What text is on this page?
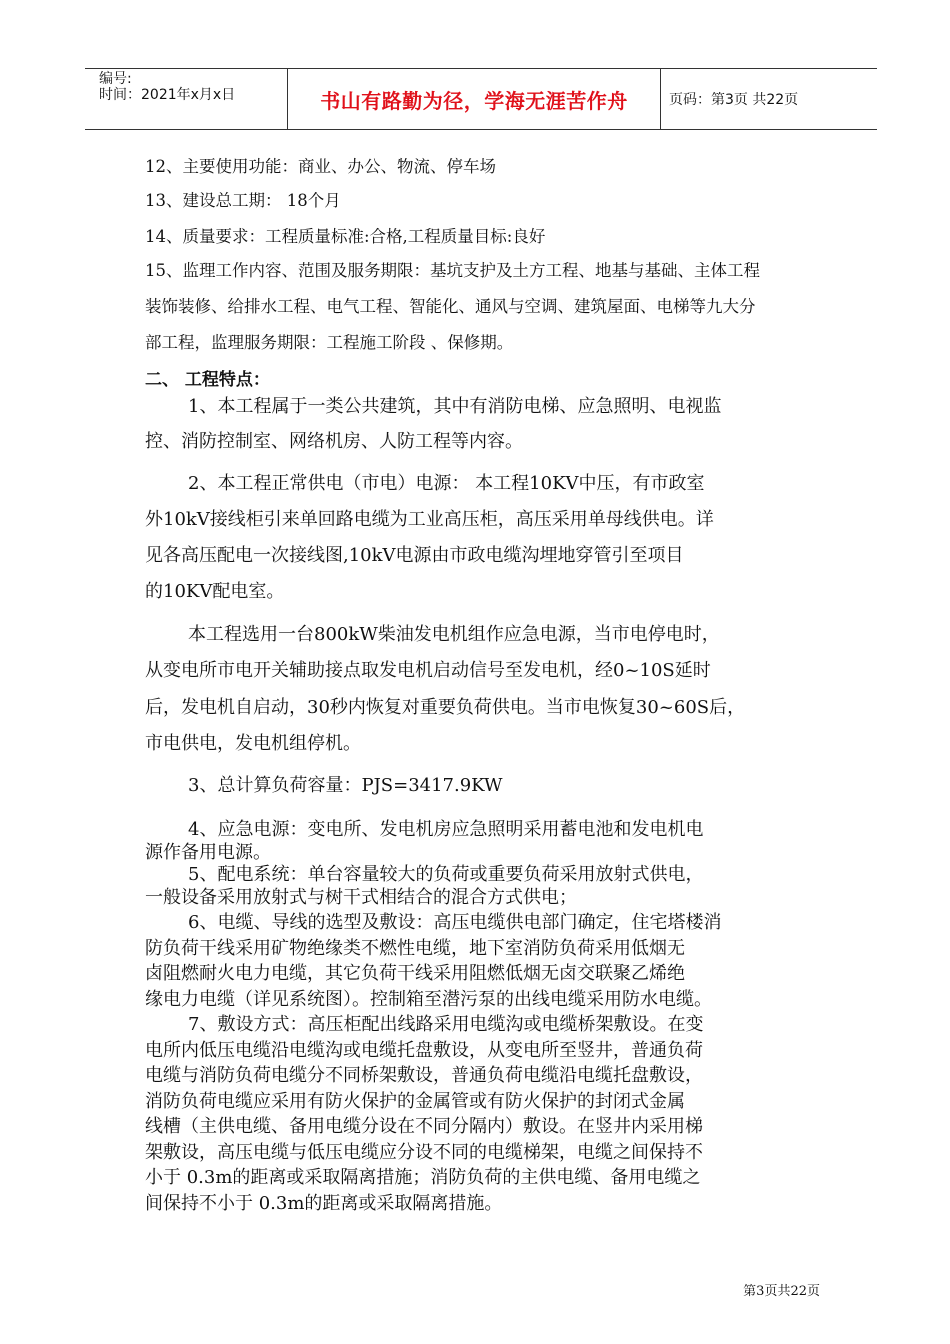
编号:
时间：2021年x月x日	书山有路勤为径，学海无涯苦作舟	页码：第3页 共22页
12、主要使用功能：商业、办公、物流、停车场
13、建设总工期： 18个月
14、质量要求：工程质量标准:合格,工程质量目标:良好
15、监理工作内容、范围及服务期限：基坑支护及土方工程、地基与基础、主体工程
装饰装修、给排水工程、电气工程、智能化、通风与空调、建筑屋面、电梯等九大分
部工程，监理服务期限：工程施工阶段 、保修期。
二、 工程特点：
1、本工程属于一类公共建筑，其中有消防电梯、应急照明、电视监
控、消防控制室、网络机房、人防工程等内容。
2、本工程正常供电（市电）电源： 本工程10KV中压，有市政室
外10kV接线柜引来单回路电缆为工业高压柜，高压采用单母线供电。详
见各高压配电一次接线图,10kV电源由市政电缆沟埋地穿管引至项目
的10KV配电室。
本工程选用一台800kW柴油发电机组作应急电源，当市电停电时，
从变电所市电开关辅助接点取发电机启动信号至发电机，经0~10S延时
后，发电机自启动，30秒内恢复对重要负荷供电。当市电恢复30~60S后，
市电供电，发电机组停机。
3、总计算负荷容量：PJS=3417.9KW
4、应急电源：变电所、发电机房应急照明采用蓄电池和发电机电
源作备用电源。
5、配电系统：单台容量较大的负荷或重要负荷采用放射式供电，
一般设备采用放射式与树干式相结合的混合方式供电；
6、电缆、导线的选型及敷设：高压电缆供电部门确定，住宅塔楼消
防负荷干线采用矿物绝缘类不燃性电缆，地下室消防负荷采用低烟无
卤阻燃耐火电力电缆，其它负荷干线采用阻燃低烟无卤交联聚乙烯绝
缘电力电缆（详见系统图）。控制箱至潜污泵的出线电缆采用防水电缆。
7、敷设方式：高压柜配出线路采用电缆沟或电缆桥架敷设。在变
电所内低压电缆沿电缆沟或电缆托盘敷设，从变电所至竖井，普通负荷
电缆与消防负荷电缆分不同桥架敷设，普通负荷电缆沿电缆托盘敷设，
消防负荷电缆应采用有防火保护的金属管或有防火保护的封闭式金属
线槽（主供电缆、备用电缆分设在不同分隔内）敷设。在竖井内采用梯
架敷设，高压电缆与低压电缆应分设不同的电缆梯架，电缆之间保持不
小于 0.3m的距离或采取隔离措施；消防负荷的主供电缆、备用电缆之
间保持不小于 0.3m的距离或采取隔离措施。
第3页共22页
